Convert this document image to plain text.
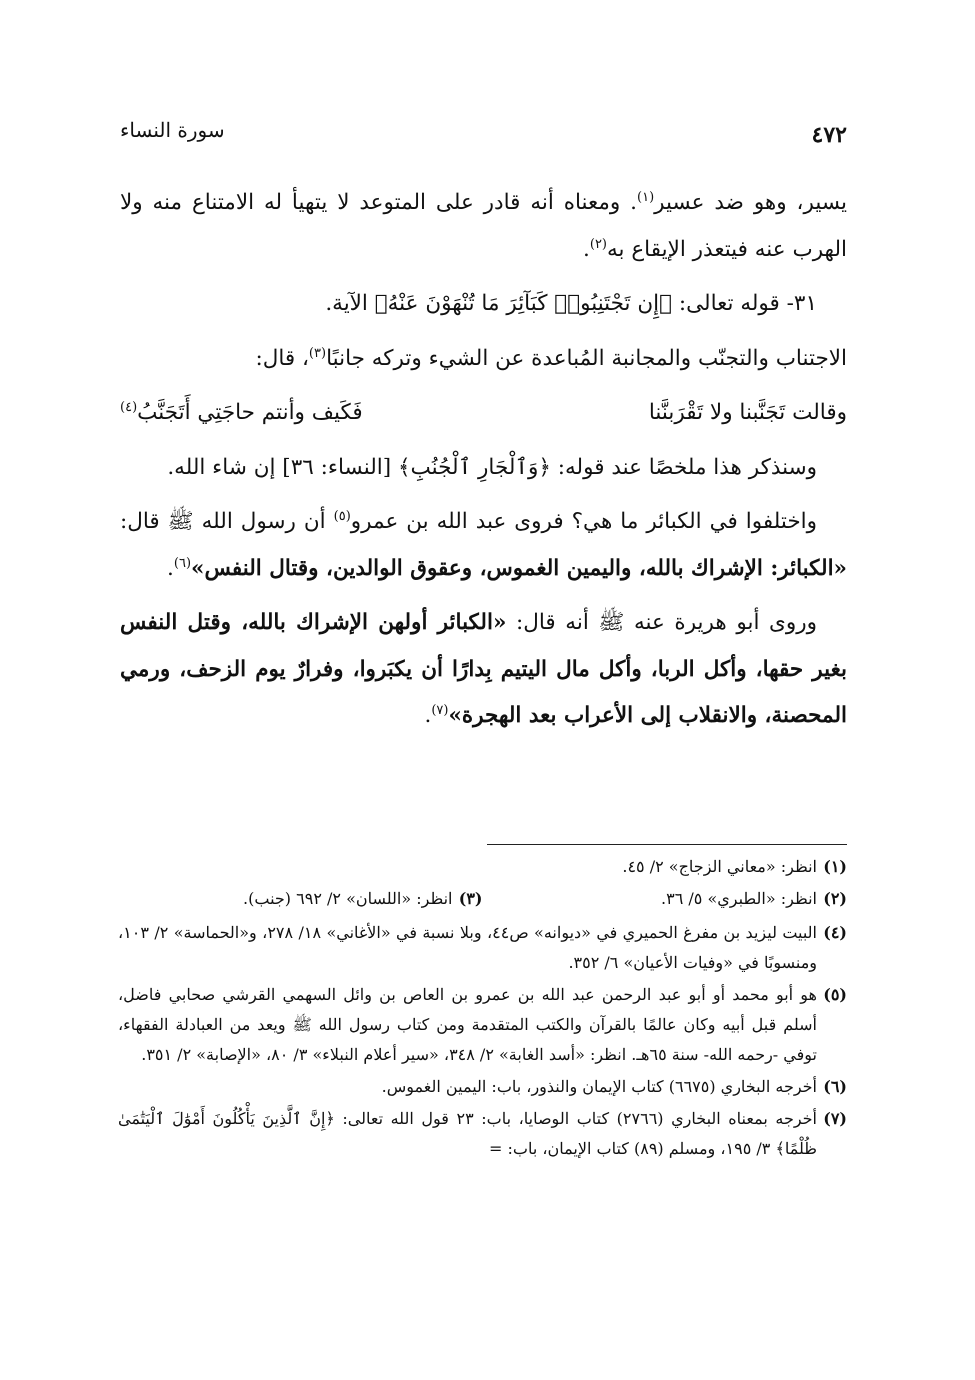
٤٧٢
سورة النساء

يسير، وهو ضد عسير$^{(١)}$. ومعناه أنه قادر على المتوعد لا يتهيأ له الامتناع منه ولا الهرب عنه فيتعذر الإيقاع به$^{(٢)}$.

٣١- قوله تعالى: ﴿إِن تَجْتَنِبُوا۟ كَبَآئِرَ مَا تُنْهَوْنَ عَنْهُ﴾ الآية.

الاجتناب والتجنّب والمجانبة المُباعدة عن الشيء وتركه جانبًا$^{(٣)}$، قال:

وقالت تَجَنَّبنا ولا تَقْرَبنَّنا
فَكَيف وأنتم حاجَتِي أَتَجَنَّبُ$^{(٤)}$

وسنذكر هذا ملخصًا عند قوله: ﴿وَٱلْجَارِ ٱلْجُنُبِ﴾ [النساء: ٣٦] إن شاء الله.

واختلفوا في الكبائر ما هي؟ فروى عبد الله بن عمرو$^{(٥)}$ أن رسول الله ﷺ قال: «الكبائر: الإشراك بالله، واليمين الغموس، وعقوق الوالدين، وقتال النفس»$^{(٦)}$.

وروى أبو هريرة عنه ﷺ أنه قال: «الكبائر أولهن الإشراك بالله، وقتل النفس بغير حقها، وأكل الربا، وأكل مال اليتيم بِدارًا أن يكبَروا، وفرارٌ يوم الزحف، ورمي المحصنة، والانقلاب إلى الأعراب بعد الهجرة»$^{(٧)}$.

(١)
انظر: «معاني الزجاج» ٢/ ٤٥.
(٢)
انظر: «الطبري» ٥/ ٣٦.
(٣)
انظر: «اللسان» ٢/ ٦٩٢ (جنب).
(٤)
البيت ليزيد بن مفرغ الحميري في «ديوانه» ص٤٤، وبلا نسبة في «الأغاني» ١٨/ ٢٧٨، و«الحماسة» ٢/ ١٠٣، ومنسوبًا في «وفيات الأعيان» ٦/ ٣٥٢.
(٥)
هو أبو محمد أو أبو عبد الرحمن عبد الله بن عمرو بن العاص بن وائل السهمي القرشي صحابي فاضل، أسلم قبل أبيه وكان عالمًا بالقرآن والكتب المتقدمة ومن كتاب رسول الله ﷺ ويعد من العبادلة الفقهاء، توفي -رحمه الله- سنة ٦٥هـ. انظر: «أسد الغابة» ٢/ ٣٤٨، «سير أعلام النبلاء» ٣/ ٨٠، «الإصابة» ٢/ ٣٥١.
(٦)
أخرجه البخاري (٦٦٧٥) كتاب الإيمان والنذور، باب: اليمين الغموس.
(٧)
أخرجه بمعناه البخاري (٢٧٦٦) كتاب الوصايا، باب: ٢٣ قول الله تعالى: ﴿إِنَّ ٱلَّذِينَ يَأْكُلُونَ أَمْوَٰلَ ٱلْيَتَٰمَىٰ ظُلْمًا﴾ ٣/ ١٩٥، ومسلم (٨٩) كتاب الإيمان، باب: =
